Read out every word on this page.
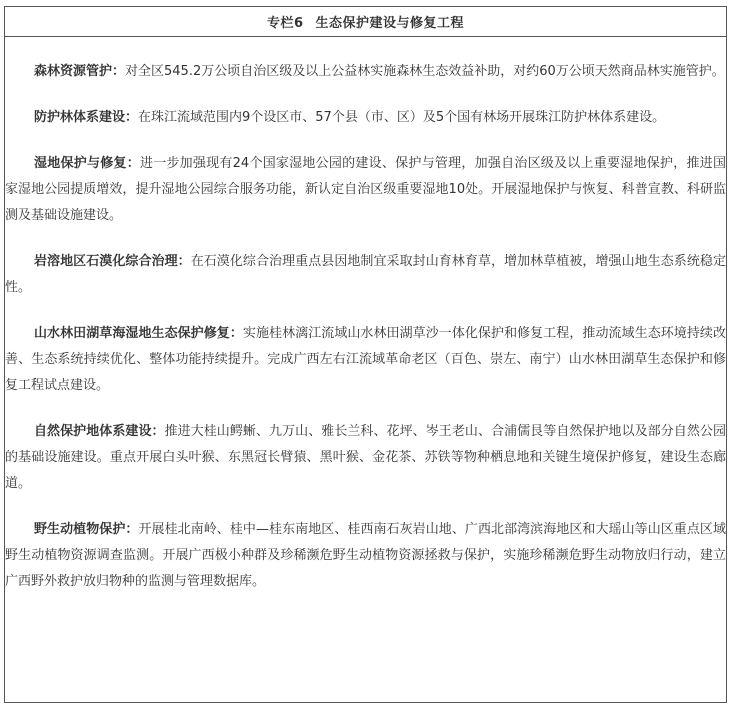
专栏6 生态保护建设与修复工程

森林资源管护：对全区545.2万公顷自治区级及以上公益林实施森林生态效益补助，对约60万公顷天然商品林实施管护。

防护林体系建设：在珠江流域范围内9个设区市、57个县（市、区）及5个国有林场开展珠江防护林体系建设。

湿地保护与修复：进一步加强现有24个国家湿地公园的建设、保护与管理，加强自治区级及以上重要湿地保护，推进国家湿地公园提质增效，提升湿地公园综合服务功能，新认定自治区级重要湿地10处。开展湿地保护与恢复、科普宣教、科研监测及基础设施建设。

岩溶地区石漠化综合治理：在石漠化综合治理重点县因地制宜采取封山育林育草，增加林草植被，增强山地生态系统稳定性。

山水林田湖草海湿地生态保护修复：实施桂林漓江流域山水林田湖草沙一体化保护和修复工程，推动流域生态环境持续改善、生态系统持续优化、整体功能持续提升。完成广西左右江流域革命老区（百色、崇左、南宁）山水林田湖草生态保护和修复工程试点建设。

自然保护地体系建设：推进大桂山鳄蜥、九万山、雅长兰科、花坪、岑王老山、合浦儒艮等自然保护地以及部分自然公园的基础设施建设。重点开展白头叶猴、东黑冠长臂猿、黑叶猴、金花茶、苏铁等物种栖息地和关键生境保护修复，建设生态廊道。

野生动植物保护：开展桂北南岭、桂中—桂东南地区、桂西南石灰岩山地、广西北部湾滨海地区和大瑶山等山区重点区域野生动植物资源调查监测。开展广西极小种群及珍稀濒危野生动植物资源拯救与保护，实施珍稀濒危野生动物放归行动，建立广西野外救护放归物种的监测与管理数据库。
